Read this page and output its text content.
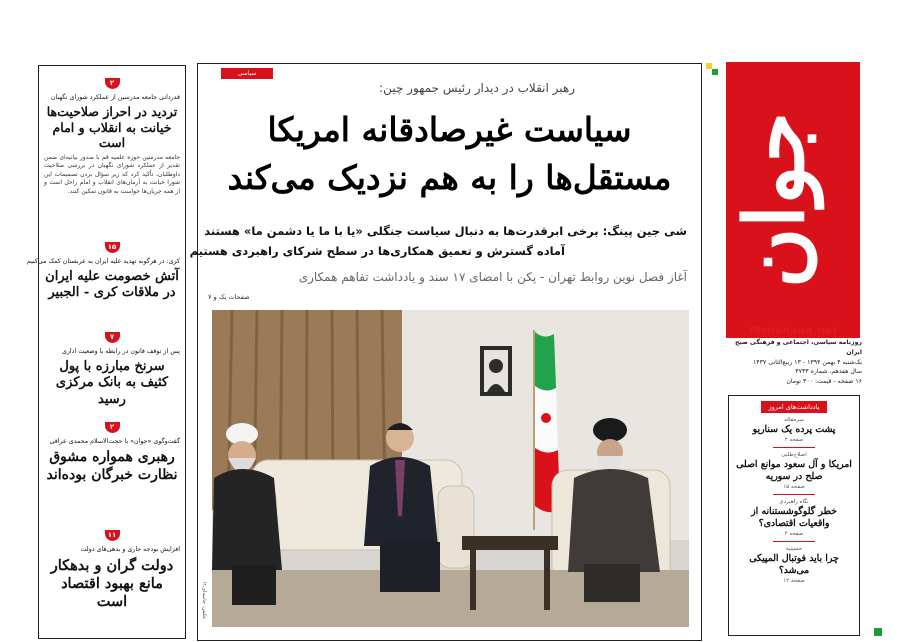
۲
قدردانی جامعه مدرسین از عملکرد شورای نگهبان
تردید در احراز صلاحیت‌ها خیانت به انقلاب و امام است
جامعه مدرسین حوزه علمیه قم با صدور بیانیه‌ای ضمن تقدیر از عملکرد شورای نگهبان در بررسی صلاحیت داوطلبان، تأکید کرد که زیر سؤال بردن تصمیمات این شورا خیانت به آرمان‌های انقلاب و امام راحل است و از همه جریان‌ها خواست به قانون تمکین کنند.
۱۵
کری: در هرگونه تهدید علیه ایران به عربستان کمک می‌کنیم
آتش خصومت علیه ایران در ملاقات کری - الجبیر
۷
پس از توقف قانون در رابطه با وضعیت اداری
سرنخ مبارزه با پول کثیف به بانک مرکزی رسید
۲
گفت‌وگوی «جوان» با حجت‌الاسلام محمدی عراقی
رهبری همواره مشوق نظارت خبرگان بوده‌اند
۱۱
افزایش بودجه جاری و بدهی‌های دولت
دولت گران و بدهکار مانع بهبود اقتصاد است
سیاسی
رهبر انقلاب در دیدار رئیس جمهور چین:
سیاست غیرصادقانه امریکا مستقل‌ها را به هم نزدیک می‌کند
شی جین پینگ: برخی ابرقدرت‌ها به دنبال سیاست جنگلی «یا با ما یا دشمن ما» هستند
آماده گسترش و تعمیق همکاری‌ها در سطح شرکای راهبردی هستیم
آغاز فصل نوین روابط تهران - پکن با امضای ۱۷ سند و یادداشت تفاهم همکاری
صفحات یک و ۷
عکس: خامنه‌ای.ir
جوان
Pishkhaan.net
روزنامه سیاسی، اجتماعی و فرهنگی صبح ایران
یک‌شنبه ۴ بهمن ۱۳۹۴ - ۱۳ ربیع‌الثانی ۱۴۳۷
سال هفدهم، شماره ۴۷۳۳
۱۶ صفحه - قیمت: ۳۰۰ تومان
یادداشت‌های امروز
سرمقاله
پشت پرده یک سناریو
صفحه ۲
اصلاح‌طلبی
امریکا و آل سعود موانع اصلی صلح در سوریه
صفحه ۱۵
نگاه راهبردی
خطر گلوگوشستنانه از واقعیات اقتصادی؟
صفحه ۴
حسینیه
چرا باید فوتبال المپیکی می‌شد؟
صفحه ۱۲
